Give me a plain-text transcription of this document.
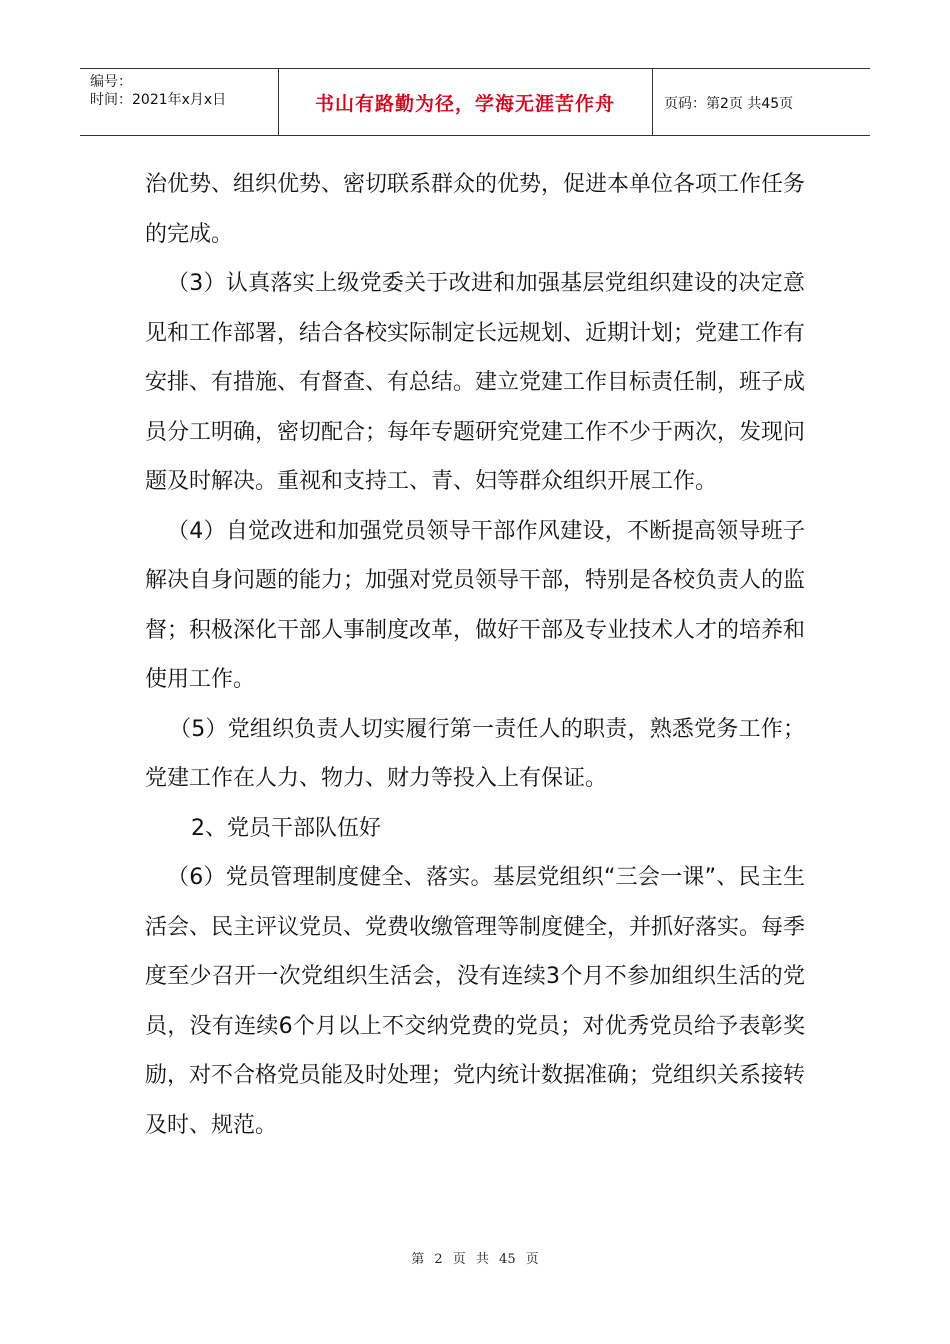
编号：
时间：2021年x月x日	书山有路勤为径，学海无涯苦作舟	页码：第2页 共45页

治优势、组织优势、密切联系群众的优势，促进本单位各项工作任务的完成。

（3）认真落实上级党委关于改进和加强基层党组织建设的决定意见和工作部署，结合各校实际制定长远规划、近期计划；党建工作有安排、有措施、有督查、有总结。建立党建工作目标责任制，班子成员分工明确，密切配合；每年专题研究党建工作不少于两次，发现问题及时解决。重视和支持工、青、妇等群众组织开展工作。

（4）自觉改进和加强党员领导干部作风建设，不断提高领导班子解决自身问题的能力；加强对党员领导干部，特别是各校负责人的监督；积极深化干部人事制度改革，做好干部及专业技术人才的培养和使用工作。

（5）党组织负责人切实履行第一责任人的职责，熟悉党务工作；党建工作在人力、物力、财力等投入上有保证。

2、党员干部队伍好

（6）党员管理制度健全、落实。基层党组织“三会一课”、民主生活会、民主评议党员、党费收缴管理等制度健全，并抓好落实。每季度至少召开一次党组织生活会，没有连续3个月不参加组织生活的党员，没有连续6个月以上不交纳党费的党员；对优秀党员给予表彰奖励，对不合格党员能及时处理；党内统计数据准确；党组织关系接转及时、规范。

第 2 页 共 45 页
